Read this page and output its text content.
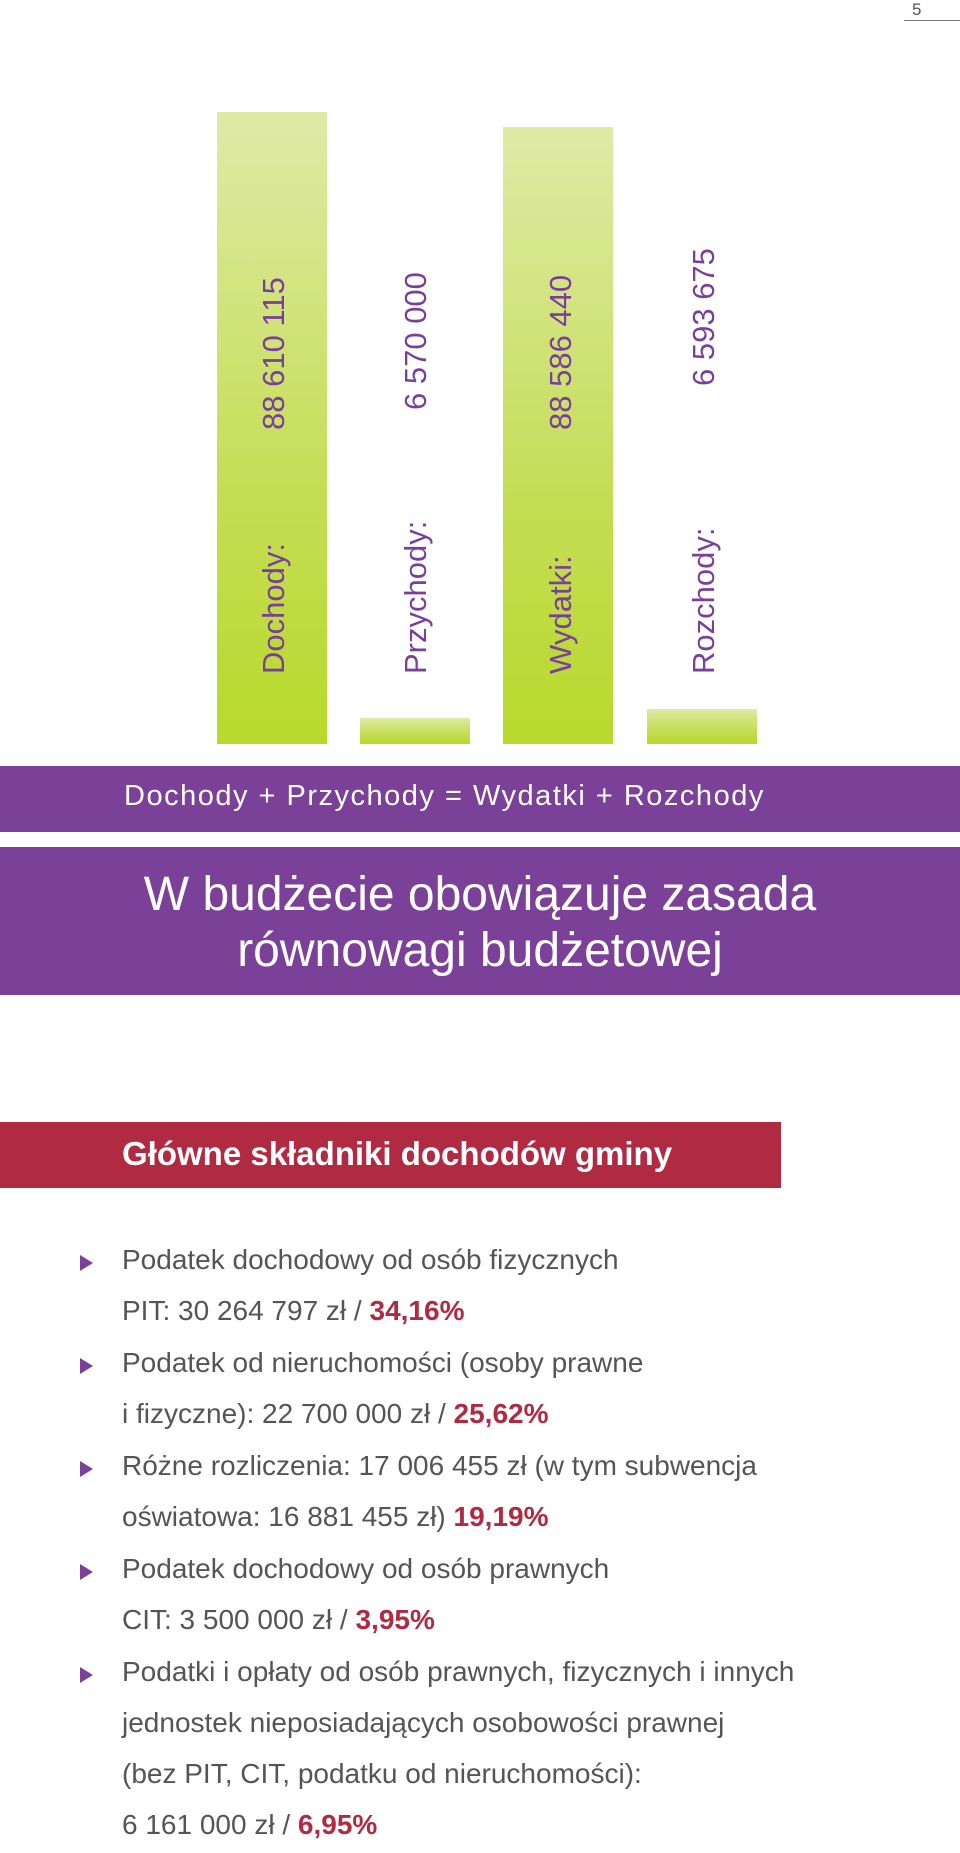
5
Dochody:
88 610 115
Przychody:
6 570 000
Wydatki:
88 586 440
Rozchody:
6 593 675
Dochody + Przychody = Wydatki + Rozchody
W budżecie obowiązuje zasada
równowagi budżetowej
Główne składniki dochodów gminy
Podatek dochodowy od osób fizycznych
PIT: 30 264 797 zł / 34,16%
Podatek od nieruchomości (osoby prawne
i fizyczne): 22 700 000 zł / 25,62%
Różne rozliczenia: 17 006 455 zł (w tym subwencja
oświatowa: 16 881 455 zł) 19,19%
Podatek dochodowy od osób prawnych
CIT: 3 500 000 zł / 3,95%
Podatki i opłaty od osób prawnych, fizycznych i innych
jednostek nieposiadających osobowości prawnej
(bez PIT, CIT, podatku od nieruchomości):
6 161 000 zł / 6,95%
